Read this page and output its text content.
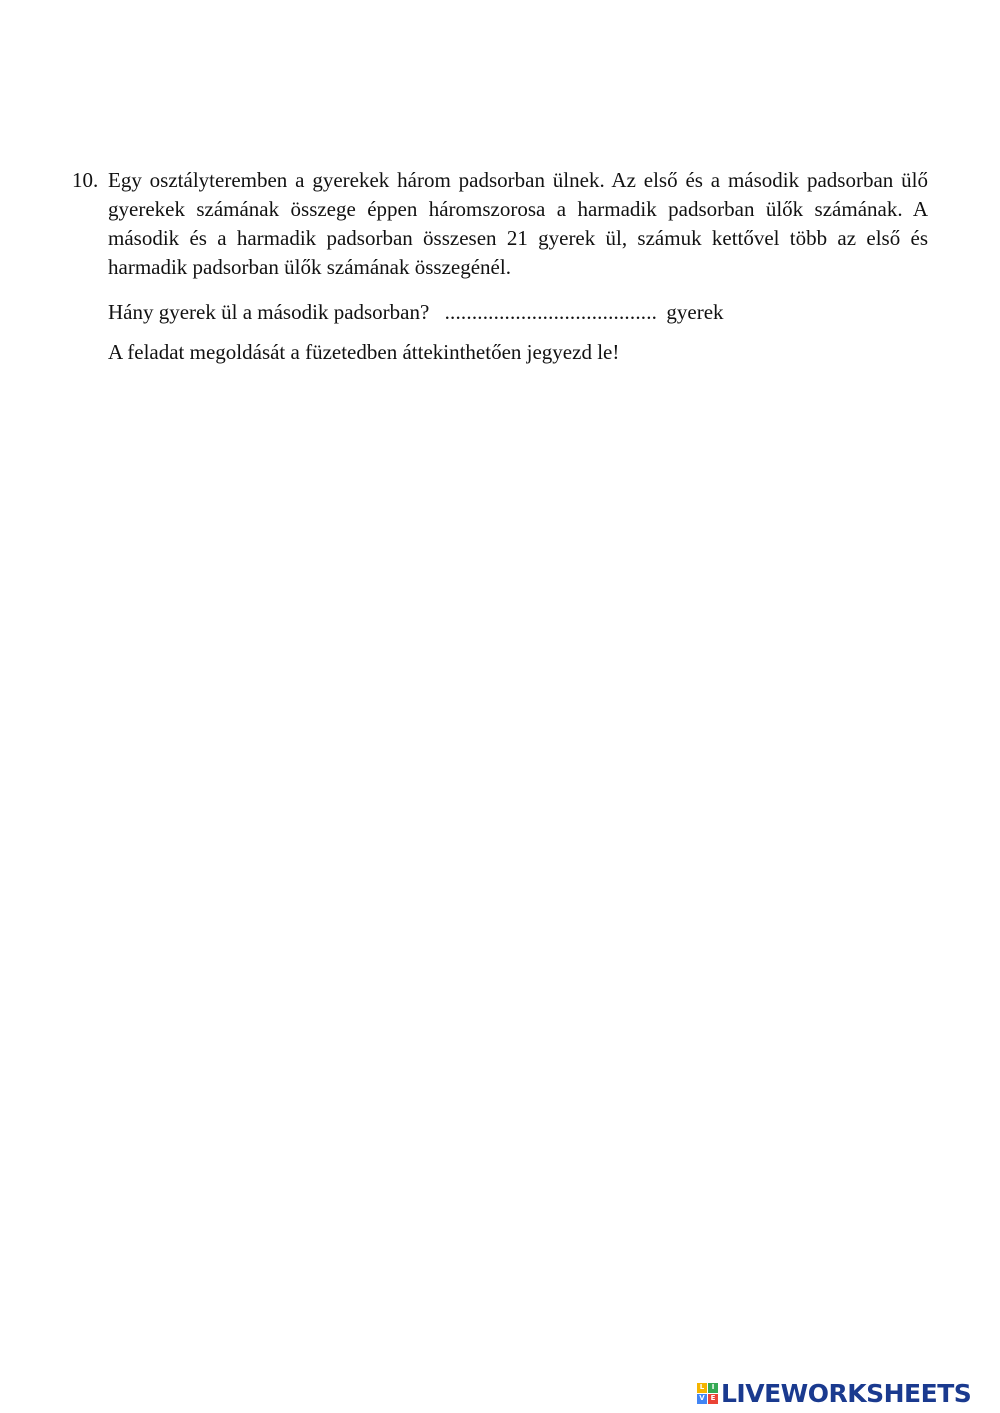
10. Egy osztályteremben a gyerekek három padsorban ülnek. Az első és a második padsorban ülő gyerekek számának összege éppen háromszorosa a harmadik padsorban ülők számának. A második és a harmadik padsorban összesen 21 gyerek ül, számuk kettővel több az első és harmadik padsorban ülők számának összegénél.

Hány gyerek ül a második padsorban? ....................................... gyerek
A feladat megoldását a füzetedben áttekinthetően jegyezd le!
L	I
V E LIVEWORKSHEETS
